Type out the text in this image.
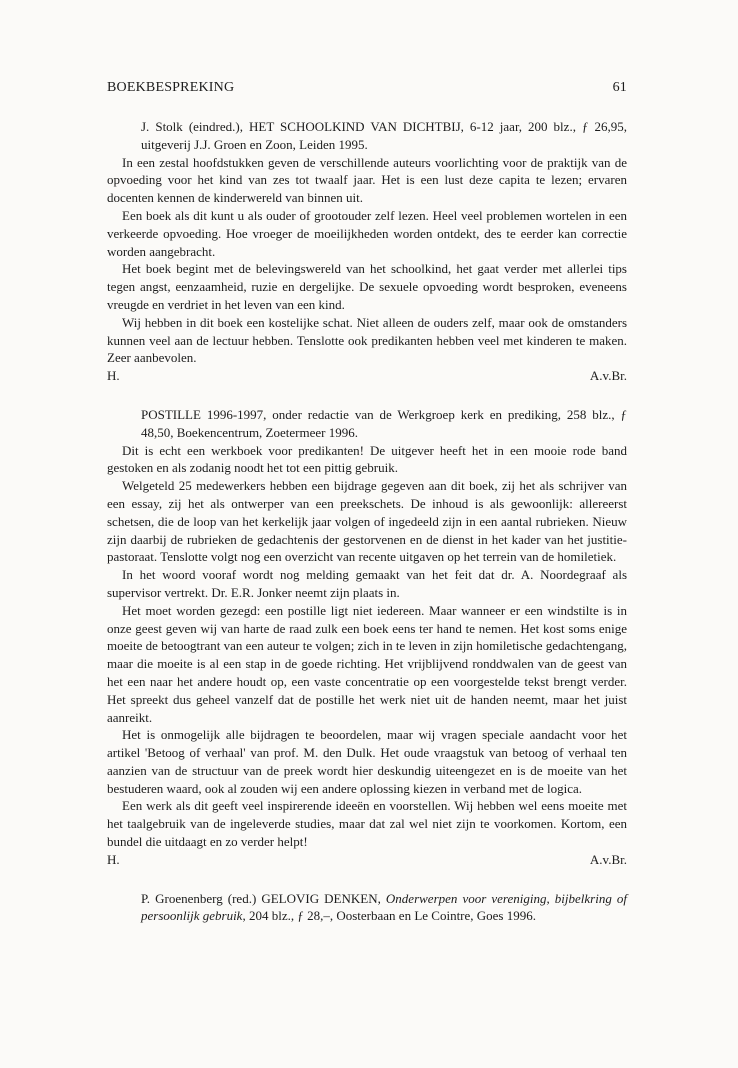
BOEKBESPREKING	61

J. Stolk (eindred.), HET SCHOOLKIND VAN DICHTBIJ, 6-12 jaar, 200 blz., ƒ 26,95, uitgeverij J.J. Groen en Zoon, Leiden 1995.

In een zestal hoofdstukken geven de verschillende auteurs voorlichting voor de praktijk van de opvoeding voor het kind van zes tot twaalf jaar. Het is een lust deze capita te lezen; ervaren docenten kennen de kinderwereld van binnen uit.

Een boek als dit kunt u als ouder of grootouder zelf lezen. Heel veel problemen wortelen in een verkeerde opvoeding. Hoe vroeger de moeilijkheden worden ontdekt, des te eerder kan correctie worden aangebracht.

Het boek begint met de belevingswereld van het schoolkind, het gaat verder met allerlei tips tegen angst, eenzaamheid, ruzie en dergelijke. De sexuele opvoeding wordt besproken, eveneens vreugde en verdriet in het leven van een kind.

Wij hebben in dit boek een kostelijke schat. Niet alleen de ouders zelf, maar ook de omstanders kunnen veel aan de lectuur hebben. Tenslotte ook predikanten hebben veel met kinderen te maken. Zeer aanbevolen.

H.	A.v.Br.

POSTILLE 1996-1997, onder redactie van de Werkgroep kerk en prediking, 258 blz., ƒ 48,50, Boekencentrum, Zoetermeer 1996.

Dit is echt een werkboek voor predikanten! De uitgever heeft het in een mooie rode band gestoken en als zodanig noodt het tot een pittig gebruik.

Welgeteld 25 medewerkers hebben een bijdrage gegeven aan dit boek, zij het als schrijver van een essay, zij het als ontwerper van een preekschets. De inhoud is als gewoonlijk: allereerst schetsen, die de loop van het kerkelijk jaar volgen of ingedeeld zijn in een aantal rubrieken. Nieuw zijn daarbij de rubrieken de gedachtenis der gestorvenen en de dienst in het kader van het justitie-pastoraat. Tenslotte volgt nog een overzicht van recente uitgaven op het terrein van de homiletiek.

In het woord vooraf wordt nog melding gemaakt van het feit dat dr. A. Noordegraaf als supervisor vertrekt. Dr. E.R. Jonker neemt zijn plaats in.

Het moet worden gezegd: een postille ligt niet iedereen. Maar wanneer er een windstilte is in onze geest geven wij van harte de raad zulk een boek eens ter hand te nemen. Het kost soms enige moeite de betoogtrant van een auteur te volgen; zich in te leven in zijn homiletische gedachtengang, maar die moeite is al een stap in de goede richting. Het vrijblijvend ronddwalen van de geest van het een naar het andere houdt op, een vaste concentratie op een voorgestelde tekst brengt verder. Het spreekt dus geheel vanzelf dat de postille het werk niet uit de handen neemt, maar het juist aanreikt.

Het is onmogelijk alle bijdragen te beoordelen, maar wij vragen speciale aandacht voor het artikel 'Betoog of verhaal' van prof. M. den Dulk. Het oude vraagstuk van betoog of verhaal ten aanzien van de structuur van de preek wordt hier deskundig uiteengezet en is de moeite van het bestuderen waard, ook al zouden wij een andere oplossing kiezen in verband met de logica.

Een werk als dit geeft veel inspirerende ideeën en voorstellen. Wij hebben wel eens moeite met het taalgebruik van de ingeleverde studies, maar dat zal wel niet zijn te voorkomen. Kortom, een bundel die uitdaagt en zo verder helpt!

H.	A.v.Br.

P. Groenenberg (red.) GELOVIG DENKEN, Onderwerpen voor vereniging, bijbelkring of persoonlijk gebruik, 204 blz., ƒ 28,–, Oosterbaan en Le Cointre, Goes 1996.
